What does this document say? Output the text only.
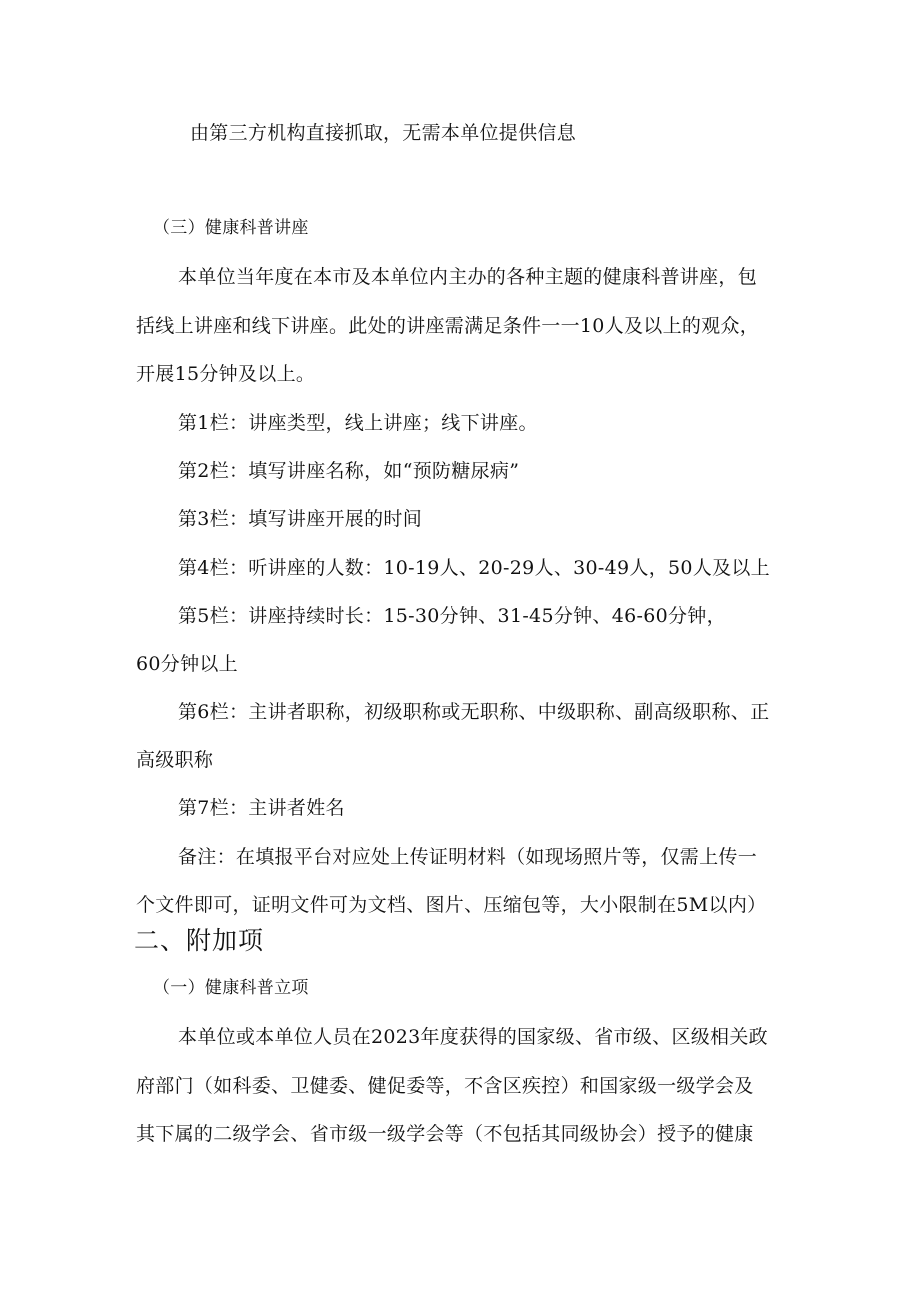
由第三方机构直接抓取，无需本单位提供信息
（三）健康科普讲座
本单位当年度在本市及本单位内主办的各种主题的健康科普讲座，包
括线上讲座和线下讲座。此处的讲座需满足条件一一10人及以上的观众，
开展15分钟及以上。
第1栏：讲座类型，线上讲座；线下讲座。
第2栏：填写讲座名称，如“预防糖尿病”
第3栏：填写讲座开展的时间
第4栏：听讲座的人数：10-19人、20-29人、30-49人，50人及以上
第5栏：讲座持续时长：15-30分钟、31-45分钟、46-60分钟，
60分钟以上
第6栏：主讲者职称，初级职称或无职称、中级职称、副高级职称、正
高级职称
第7栏：主讲者姓名
备注：在填报平台对应处上传证明材料（如现场照片等，仅需上传一
个文件即可，证明文件可为文档、图片、压缩包等，大小限制在5M以内）
二、附加项
（一）健康科普立项
本单位或本单位人员在2023年度获得的国家级、省市级、区级相关政
府部门（如科委、卫健委、健促委等，不含区疾控）和国家级一级学会及
其下属的二级学会、省市级一级学会等（不包括其同级协会）授予的健康
